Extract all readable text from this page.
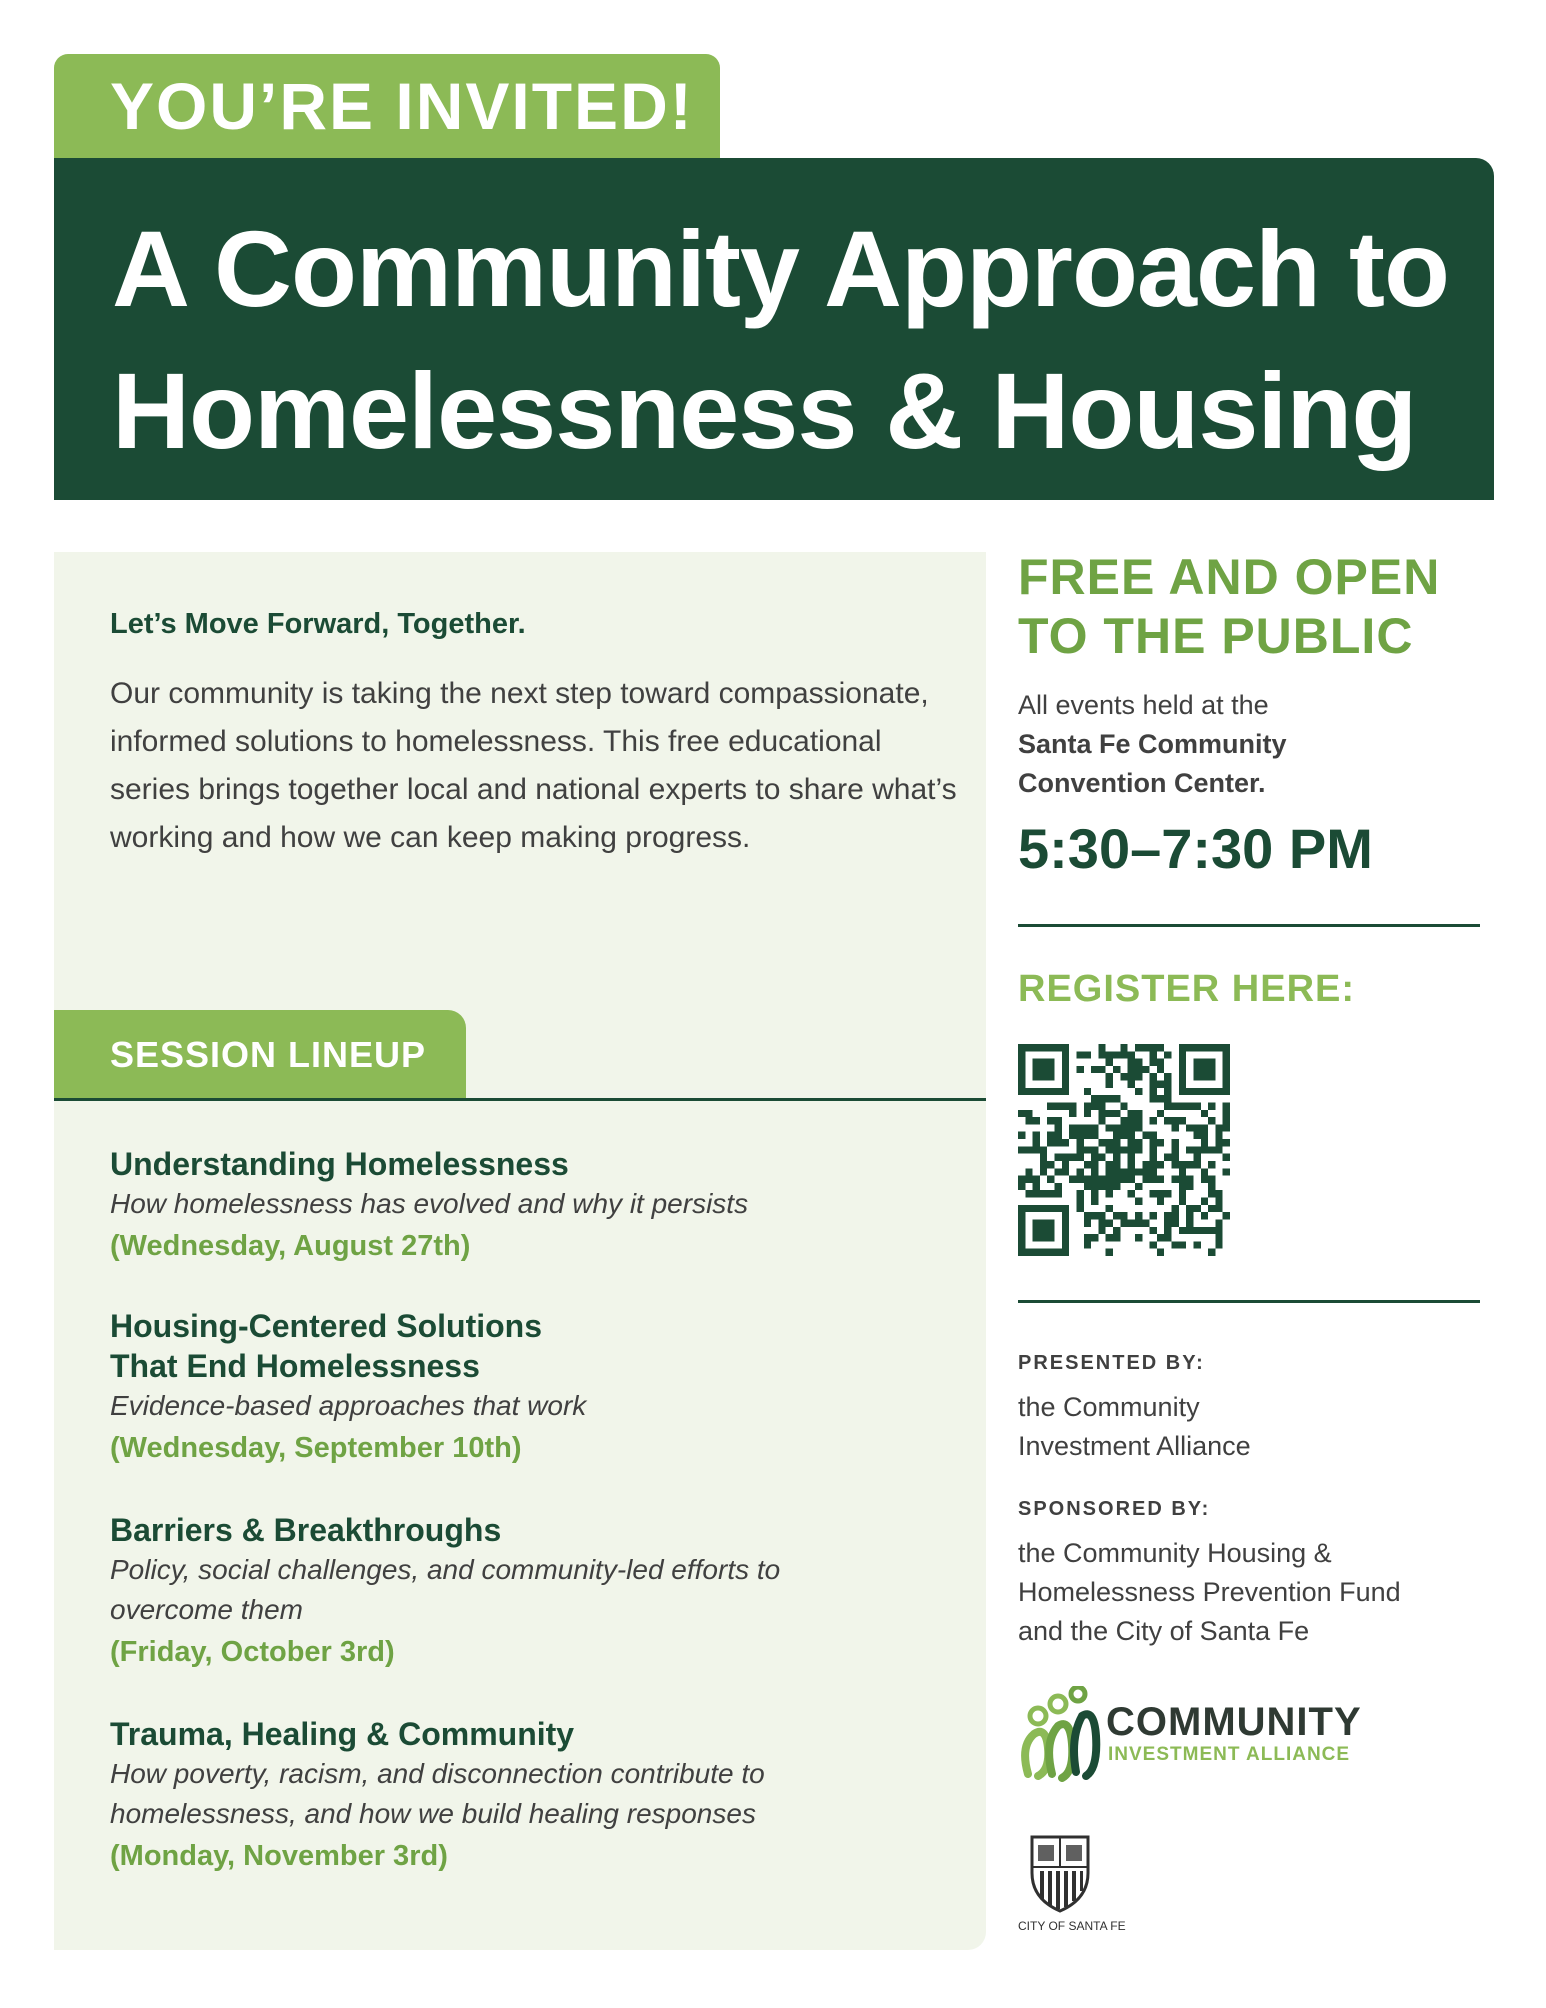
YOU’RE INVITED!
A Community Approach to
Homelessness & Housing
Let’s Move Forward, Together.

Our community is taking the next step toward compassionate, informed solutions to homelessness. This free educational series brings together local and national experts to share what’s working and how we can keep making progress.

SESSION LINEUP
Understanding Homelessness
How homelessness has evolved and why it persists
(Wednesday, August 27th)
Housing-Centered Solutions
That End Homelessness
Evidence-based approaches that work
(Wednesday, September 10th)
Barriers & Breakthroughs
Policy, social challenges, and community-led efforts to overcome them
(Friday, October 3rd)
Trauma, Healing & Community
How poverty, racism, and disconnection contribute to homelessness, and how we build healing responses
(Monday, November 3rd)
FREE AND OPEN
TO THE PUBLIC
All events held at the
Santa Fe Community
Convention Center.
5:30–7:30 PM
REGISTER HERE:
PRESENTED BY:
the Community
Investment Alliance
SPONSORED BY:
the Community Housing &
Homelessness Prevention Fund
and the City of Santa Fe
COMMUNITY
INVESTMENT ALLIANCE
CITY OF SANTA FE
